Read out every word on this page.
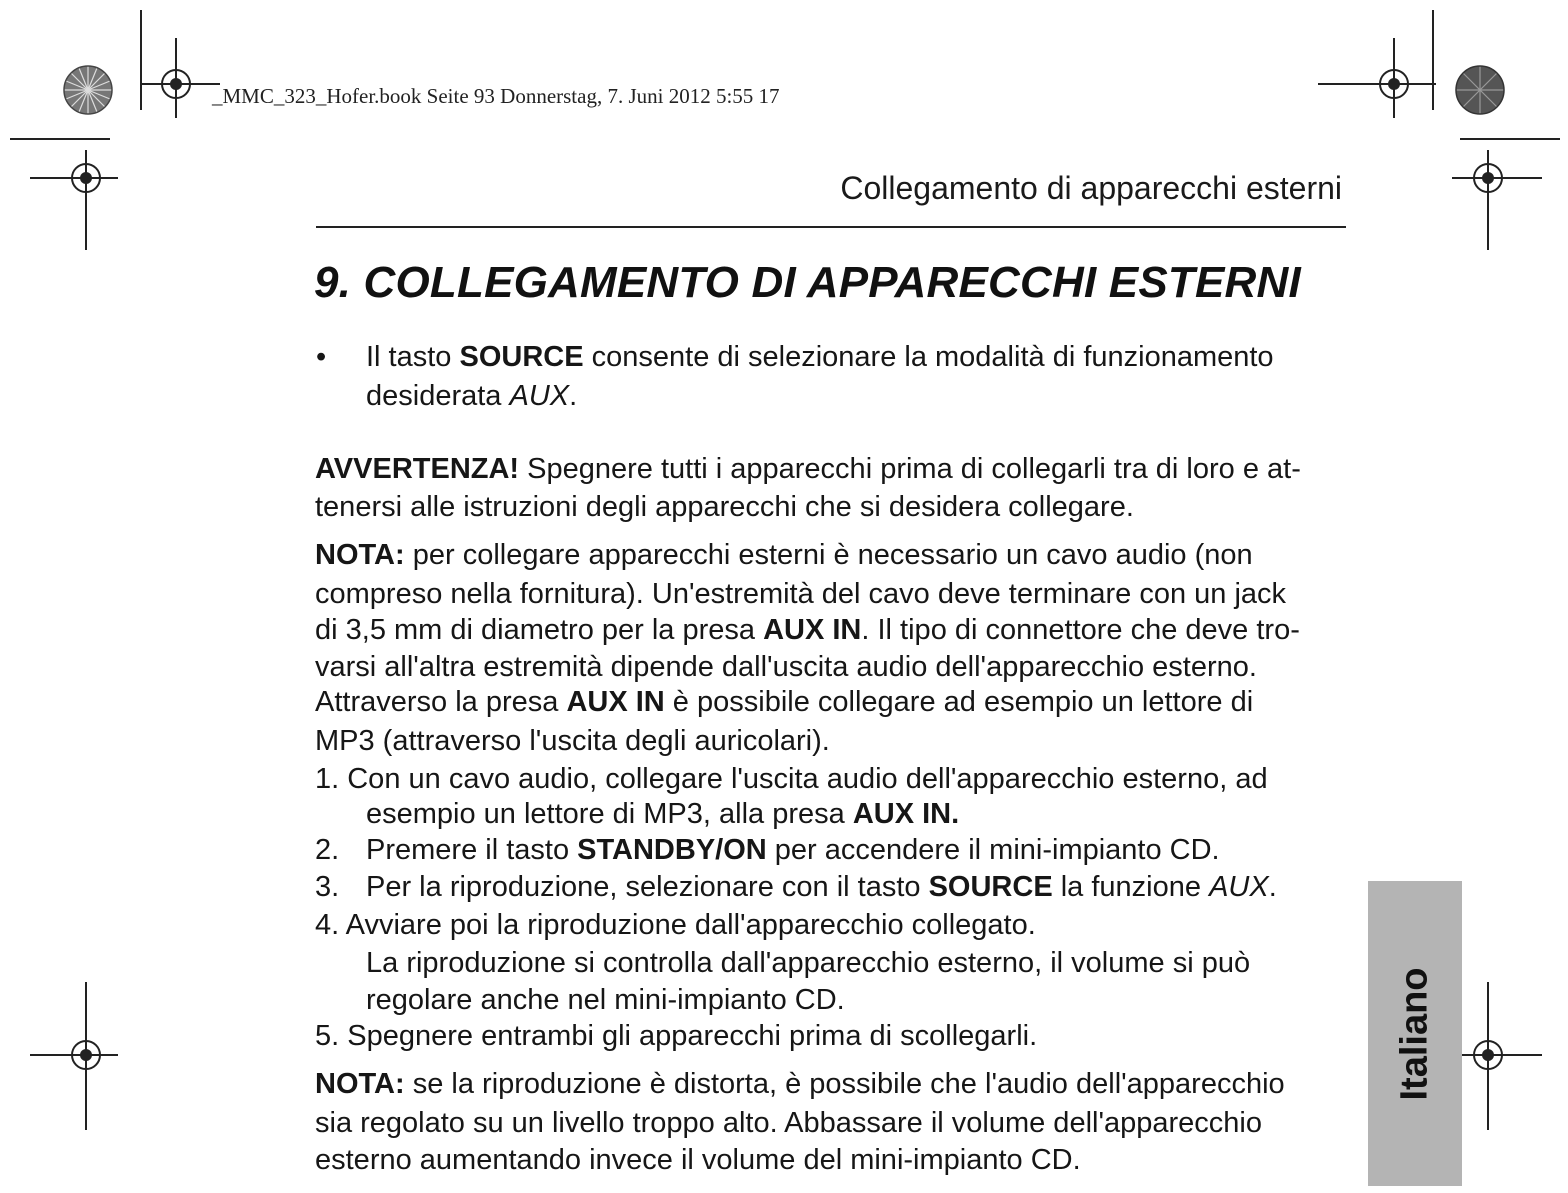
_MMC_323_Hofer.book Seite 93 Donnerstag, 7. Juni 2012 5:55 17
Collegamento di apparecchi esterni
9. COLLEGAMENTO DI APPARECCHI ESTERNI
• Il tasto SOURCE consente di selezionare la modalità di funzionamento
desiderata AUX.
AVVERTENZA! Spegnere tutti i apparecchi prima di collegarli tra di loro e at-
tenersi alle istruzioni degli apparecchi che si desidera collegare.
NOTA: per collegare apparecchi esterni è necessario un cavo audio (non
compreso nella fornitura). Un'estremità del cavo deve terminare con un jack
di 3,5 mm di diametro per la presa AUX IN. Il tipo di connettore che deve tro-
varsi all'altra estremità dipende dall'uscita audio dell'apparecchio esterno.
Attraverso la presa AUX IN è possibile collegare ad esempio un lettore di
MP3 (attraverso l'uscita degli auricolari).
1. Con un cavo audio, collegare l'uscita audio dell'apparecchio esterno, ad
esempio un lettore di MP3, alla presa AUX IN.
2. Premere il tasto STANDBY/ON per accendere il mini-impianto CD.
3. Per la riproduzione, selezionare con il tasto SOURCE la funzione AUX.
4. Avviare poi la riproduzione dall'apparecchio collegato.
La riproduzione si controlla dall'apparecchio esterno, il volume si può
regolare anche nel mini-impianto CD.
5. Spegnere entrambi gli apparecchi prima di scollegarli.
NOTA: se la riproduzione è distorta, è possibile che l'audio dell'apparecchio
sia regolato su un livello troppo alto. Abbassare il volume dell'apparecchio
esterno aumentando invece il volume del mini-impianto CD.
Italiano
